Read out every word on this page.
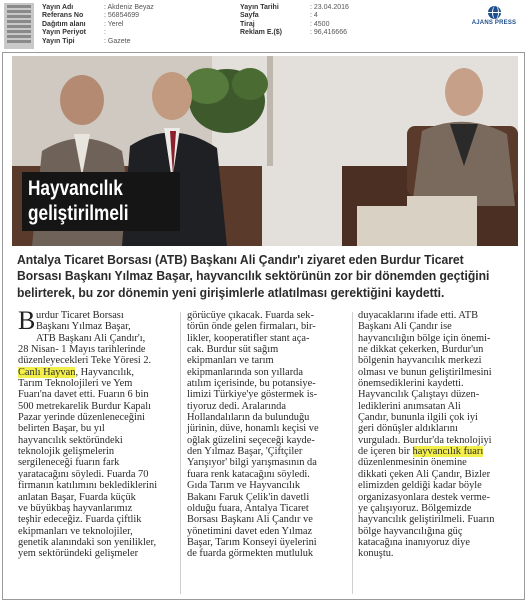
Yayın Adı	: Akdeniz Beyaz
Referans No	: 56854699
Dağıtım alanı	: Yerel
Yayın Periyot	:
Yayın Tipi	: Gazete
Yayın Tarihi	: 23.04.2016
Sayfa	: 4
Tiraj	: 4500
Reklam E.($)	: 96,416666
AJANS PRESS
Hayvancılık
geliştirilmeli

Antalya Ticaret Borsası (ATB) Başkanı Ali Çandır'ı ziyaret eden Burdur Ticaret

Borsası Başkanı Yılmaz Başar, hayvancılık sektörünün zor bir dönemden geçtiğini

belirterek, bu zor dönemin yeni girişimlerle atlatılması gerektiğini kaydetti.

B urdur Ticaret Borsası

Başkanı Yılmaz Başar,

ATB Başkanı Ali Çandır'ı,

28 Nisan- 1 Mayıs tarihlerinde

düzenleyecekleri Teke Yöresi 2.

Canlı Hayvan, Hayvancılık,

Tarım Teknolojileri ve Yem

Fuarı'na davet etti. Fuarın 6 bin

500 metrekarelik Burdur Kapalı

Pazar yerinde düzenleneceğini

belirten Başar, bu yıl

hayvancılık sektöründeki

teknolojik gelişmelerin

sergileneceği fuarın fark

yaratacağını söyledi. Fuarda 70

firmanın katılımını beklediklerini

anlatan Başar, Fuarda küçük

ve büyükbaş hayvanlarımız

teşhir edeceğiz. Fuarda çiftlik

ekipmanları ve teknolojiler,

genetik alanındaki son yenilikler,

yem sektöründeki gelişmeler

görücüye çıkacak. Fuarda sek-

törün önde gelen firmaları, bir-

likler, kooperatifler stant aça-

cak. Burdur süt sağım

ekipmanları ve tarım

ekipmanlarında son yıllarda

atılım içerisinde, bu potansiye-

limizi Türkiye'ye göstermek is-

tiyoruz dedi. Aralarında

Hollandalıların da bulunduğu

jürinin, düve, honamlı keçisi ve

oğlak güzelini seçeceği kayde-

den Yılmaz Başar, 'Çiftçiler

Yarışıyor' bilgi yarışmasının da

fuara renk katacağını söyledi.

Gıda Tarım ve Hayvancılık

Bakanı Faruk Çelik'in davetli

olduğu fuara, Antalya Ticaret

Borsası Başkanı Ali Çandır ve

yönetimini davet eden Yılmaz

Başar, Tarım Konseyi üyelerini

de fuarda görmekten mutluluk

duyacaklarını ifade etti. ATB

Başkanı Ali Çandır ise

hayvancılığın bölge için önemi-

ne dikkat çekerken, Burdur'un

bölgenin hayvancılık merkezi

olması ve bunun geliştirilmesini

önemsediklerini kaydetti.

Hayvancılık Çalıştayı düzen-

lediklerini anımsatan Ali

Çandır, bununla ilgili çok iyi

geri dönüşler aldıklarını

vurguladı. Burdur'da teknolojiyi

de içeren bir hayvancılık fuarı

düzenlenmesinin önemine

dikkati çeken Ali Çandır, Bizler

elimizden geldiği kadar böyle

organizasyonlara destek verme-

ye çalışıyoruz. Bölgemizde

hayvancılık geliştirilmeli. Fuarın

bölge hayvancılığına güç

katacağına inanıyoruz diye

konuştu.
